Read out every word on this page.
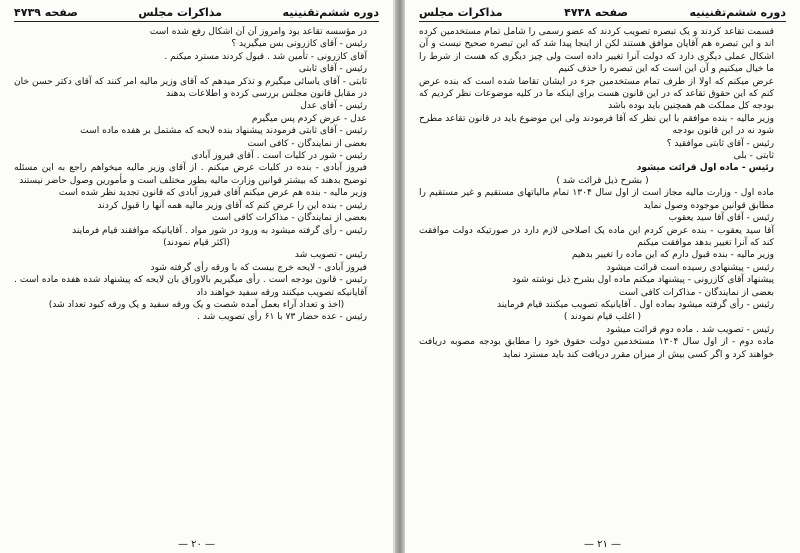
دوره ششم‌تقنینیه
مذاکرات مجلس
صفحه ۴۷۳۹

در مؤسسه تقاعد بود وامروز آن آن اشکال رفع شده است

رئیس - آقای کازرونی بس میگیرید ؟

آقای کازرونی - تأمین شد . قبول کردند مسترد میکنم .

رئیس - آقای ثابتی

ثابتی - آقای یاسائی میگیرم و تذکر میدهم که آقای وزیر مالیه امر کنند که آقای دکتر حسن خان در مقابل قانون مجلس بررسی کرده و اطلاعات بدهند

رئیس - آقای عدل

عدل - عرض کردم پس میگیرم

رئیس - آقای ثابتی فرمودند پیشنهاد بنده لابحه که مشتمل بر هفده ماده است

بعضی از نمایندگان - کافی است

رئیس - شور در کلیات است . آقای فیروز آبادی

فیروز آبادی - بنده در کلیات عرض میکنم . از آقای وزیر مالیه میخواهم راجع به این مسئله توضیح بدهند که بیشتر قوانین وزارت مالیه بطور مختلف است و مأمورین وصول حاضر نیستند

وزیر مالیه - بنده هم عرض میکنم آقای فیروز آبادی که قانون تجدید نظر شده است

رئیس - بنده این را عرض کنم که آقای وزیر مالیه همه آنها را قبول کردند

بعضی از نمایندگان - مذاکرات کافی است

رئیس - رأی گرفته میشود به ورود در شور مواد . آقایانیکه موافقند قیام فرمایند

(اکثر قیام نمودند)

رئیس - تصویب شد

فیروز آبادی - لایحه خرج بیست که با ورقه رأی گرفته شود

رئیس - قانون بودجه است . رأی میگیریم بالاوراق بان لایحه که پیشنهاد شده هفده ماده است . آقایانیکه تصویب میکنند ورقه سفید خواهند داد

(اخذ و تعداد آراء بعمل آمده شصت و یک ورقه سفید و یک ورقه کبود تعداد شد)

رئیس - عده حضار ۷۳ با ۶۱ رأی تصویب شد .

— ۲۰ —
دوره ششم‌تقنینیه
صفحه ۴۷۳۸
مذاکرات مجلس

قسمت تقاعد کردند و یک تبصره تصویب کردند که عضو رسمی را شامل تمام مستخدمین کرده اند و این تبصره هم آقایان موافق هستند لکن از اینجا پیدا شد که این تبصره صحیح نیست و آن اشکال عملی دیگری دارد که دولت آنرا تغییر داده است ولی چیز دیگری که هست از شرط را ما خیال میکنیم و آن این است که این تبصره را حذف کنیم

عرض میکنم که اولا از طرف تمام مستخدمین جزء در ایشان تقاضا شده است که بنده عرض کنم که این حقوق تقاعد که در این قانون هست برای اینکه ما در کلیه موضوعات نظر کردیم که بودجه کل مملکت هم همچنین باید بوده باشد

وزیر مالیه - بنده موافقم با این نظر که آقا فرمودند ولی این موضوع باید در قانون تقاعد مطرح شود نه در این قانون بودجه

رئیس - آقای ثابتی موافقید ؟

ثابتی - بلی

رئیس - ماده اول قرائت میشود

( بشرح ذیل قرائت شد )

ماده اول - وزارت مالیه مجاز است از اول سال ۱۳۰۴ تمام مالیاتهای مستقیم و غیر مستقیم را مطابق قوانین موجوده وصول نماید

رئیس - آقای آقا سید یعقوب

آقا سید یعقوب - بنده عرض کردم این ماده یک اصلاحی لازم دارد در صورتیکه دولت موافقت کند که آنرا تغییر بدهد موافقت میکنم

وزیر مالیه - بنده قبول دارم که این ماده را تغییر بدهیم

رئیس - پیشنهادی رسیده است قرائت میشود

پیشنهاد آقای کازرونی - پیشنهاد میکنم ماده اول بشرح ذیل نوشته شود

بعضی از نمایندگان - مذاکرات کافی است

رئیس - رأی گرفته میشود بماده اول . آقایانیکه تصویب میکنند قیام فرمایند

( اغلب قیام نمودند )

رئیس - تصویب شد . ماده دوم قرائت میشود

ماده دوم - از اول سال ۱۳۰۴ مستخدمین دولت حقوق خود را مطابق بودجه مصوبه دریافت خواهند کرد و اگر کسی بیش از میزان مقرر دریافت کند باید مسترد نماید

— ۲۱ —
